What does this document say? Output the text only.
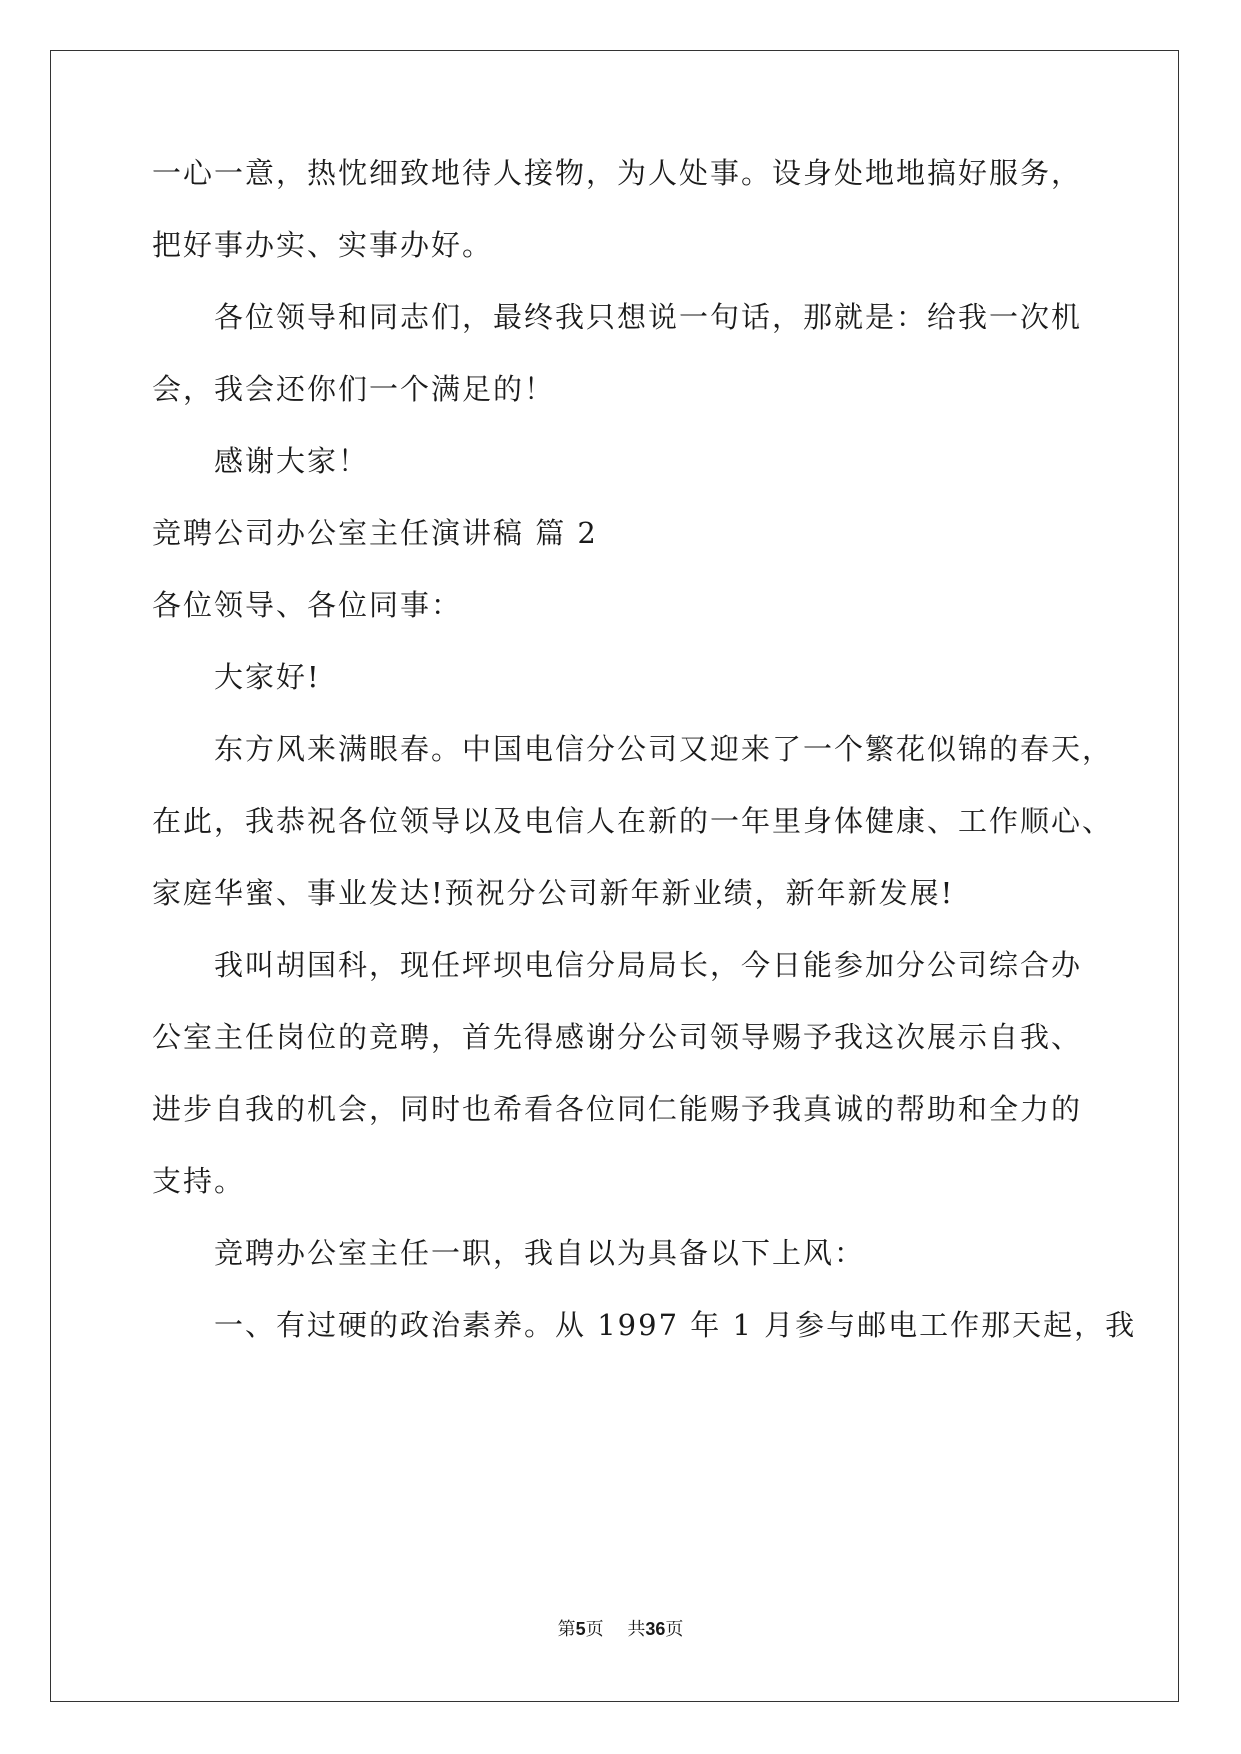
一心一意，热忱细致地待人接物，为人处事。设身处地地搞好服务，
把好事办实、实事办好。
各位领导和同志们，最终我只想说一句话，那就是：给我一次机
会，我会还你们一个满足的！
感谢大家！
竞聘公司办公室主任演讲稿 篇 2
各位领导、各位同事：
大家好!
东方风来满眼春。中国电信分公司又迎来了一个繁花似锦的春天，
在此，我恭祝各位领导以及电信人在新的一年里身体健康、工作顺心、
家庭华蜜、事业发达!预祝分公司新年新业绩，新年新发展!
我叫胡国科，现任坪坝电信分局局长，今日能参加分公司综合办
公室主任岗位的竞聘，首先得感谢分公司领导赐予我这次展示自我、
进步自我的机会，同时也希看各位同仁能赐予我真诚的帮助和全力的
支持。
竞聘办公室主任一职，我自以为具备以下上风：
一、有过硬的政治素养。从 1997 年 1 月参与邮电工作那天起，我
第5页   共36页
